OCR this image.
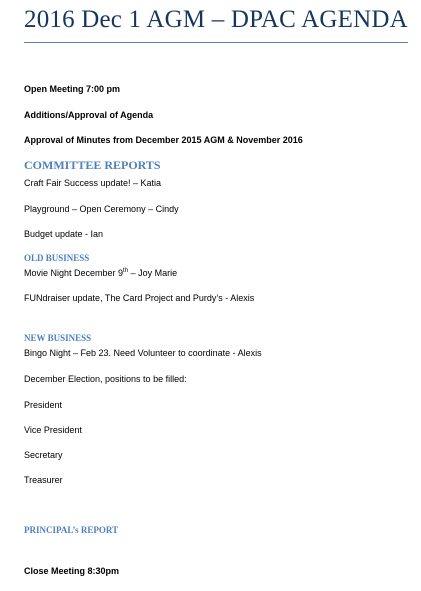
2016 Dec 1 AGM – DPAC AGENDA
Open Meeting 7:00 pm
Additions/Approval of Agenda
Approval of Minutes from December 2015 AGM & November 2016
COMMITTEE REPORTS
Craft Fair Success update! – Katia
Playground – Open Ceremony – Cindy
Budget update - Ian
OLD BUSINESS
Movie Night December 9th – Joy Marie
FUNdraiser update, The Card Project and Purdy’s - Alexis
NEW BUSINESS
Bingo Night – Feb 23. Need Volunteer to coordinate - Alexis
December Election, positions to be filled:
President
Vice President
Secretary
Treasurer
PRINCIPAL’s REPORT
Close Meeting 8:30pm
